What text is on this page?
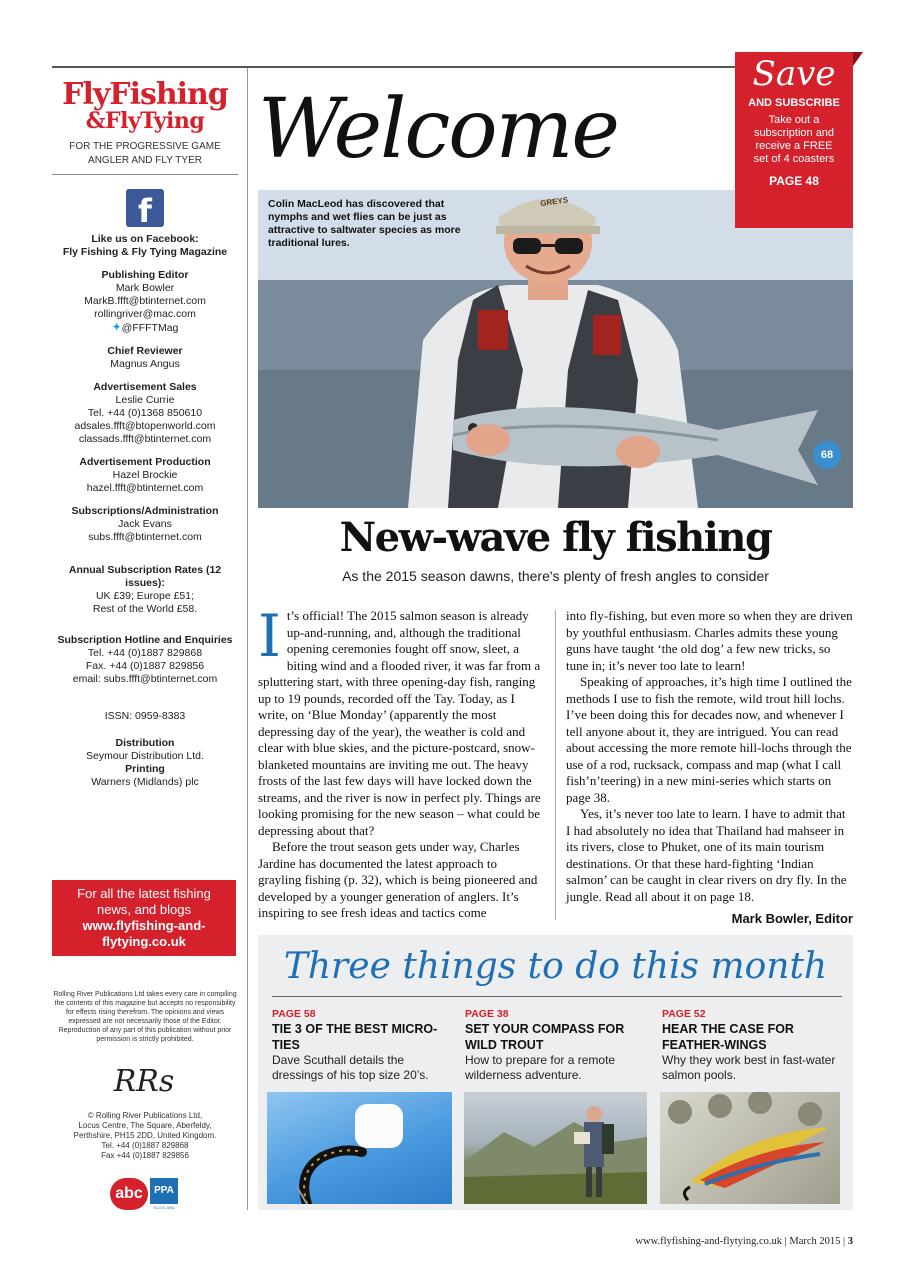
FlyFishing
&FlyTying
FOR THE PROGRESSIVE GAME ANGLER AND FLY TYER
f
Like us on Facebook:
Fly Fishing & Fly Tying Magazine
Publishing Editor
Mark Bowler
MarkB.ffft@btinternet.com
rollingriver@mac.com
✦@FFFTMag
Chief Reviewer
Magnus Angus
Advertisement Sales
Leslie Currie
Tel. +44 (0)1368 850610
adsales.ffft@btopenworld.com
classads.ffft@btinternet.com
Advertisement Production
Hazel Brockie
hazel.ffft@btinternet.com
Subscriptions/Administration
Jack Evans
subs.ffft@btinternet.com
Annual Subscription Rates (12 issues):
UK £39; Europe £51;
Rest of the World £58.
Subscription Hotline and Enquiries
Tel. +44 (0)1887 829868
Fax. +44 (0)1887 829856
email: subs.ffft@btinternet.com
ISSN: 0959-8383
Distribution
Seymour Distribution Ltd.
Printing
Warners (Midlands) plc
For all the latest fishing
news, and blogs
www.flyfishing-and-
flytying.co.uk
Rolling River Publications Ltd takes every care in compiling the contents of this magazine but accepts no responsibility for effects rising therefrom. The opinions and views expressed are not necessarily those of the Editor. Reproduction of any part of this publication without prior permission is strictly prohibited.
RRs
© Rolling River Publications Ltd,
Locus Centre, The Square, Aberfeldy,
Perthshire, PH15 2DD, United Kingdom.
Tel. +44 (0)1887 829868
Fax +44 (0)1887 829856
abc	PPA
SCOTLAND
Welcome
Colin MacLeod has discovered that nymphs and wet flies can be just as attractive to saltwater species as more traditional lures.
GREYS
68
Save
AND SUBSCRIBE
Take out a subscription and receive a FREE set of 4 coasters
PAGE 48
New-wave fly fishing
As the 2015 season dawns, there's plenty of fresh angles to consider

It’s official! The 2015 salmon season is already up-and-running, and, although the traditional opening ceremonies fought off snow, sleet, a biting wind and a flooded river, it was far from a spluttering start, with three opening-day fish, ranging up to 19 pounds, recorded off the Tay. Today, as I write, on ‘Blue Monday’ (apparently the most depressing day of the year), the weather is cold and clear with blue skies, and the picture-postcard, snow-blanketed mountains are inviting me out. The heavy frosts of the last few days will have locked down the streams, and the river is now in perfect ply. Things are looking promising for the new season – what could be depressing about that?

Before the trout season gets under way, Charles Jardine has documented the latest approach to grayling fishing (p. 32), which is being pioneered and developed by a younger generation of anglers. It’s inspiring to see fresh ideas and tactics come

into fly-fishing, but even more so when they are driven by youthful enthusiasm. Charles admits these young guns have taught ‘the old dog’ a few new tricks, so tune in; it’s never too late to learn!

Speaking of approaches, it’s high time I outlined the methods I use to fish the remote, wild trout hill lochs. I’ve been doing this for decades now, and whenever I tell anyone about it, they are intrigued. You can read about accessing the more remote hill-lochs through the use of a rod, rucksack, compass and map (what I call fish’n’teering) in a new mini-series which starts on page 38.

Yes, it’s never too late to learn. I have to admit that I had absolutely no idea that Thailand had mahseer in its rivers, close to Phuket, one of its main tourism destinations. Or that these hard-fighting ‘Indian salmon’ can be caught in clear rivers on dry fly. In the jungle. Read all about it on page 18.

Mark Bowler, Editor
Three things to do this month
PAGE 58
TIE 3 OF THE BEST MICRO-TIES
Dave Scuthall details the dressings of his top size 20’s.
PAGE 38
SET YOUR COMPASS FOR WILD TROUT
How to prepare for a remote wilderness adventure.
PAGE 52
HEAR THE CASE FOR FEATHER-WINGS
Why they work best in fast-water salmon pools.
www.flyfishing-and-flytying.co.uk | March 2015 | 3
